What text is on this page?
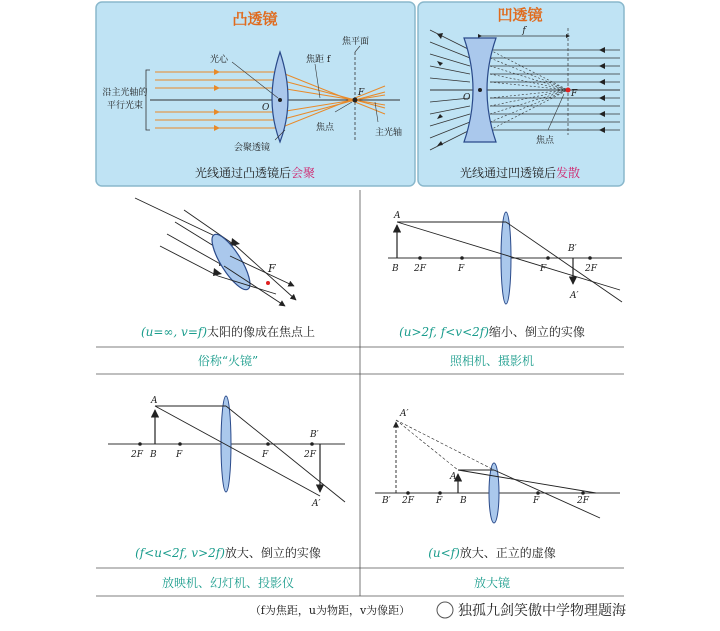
凸透镜
光心	焦距 f
焦平面
沿主光轴的
平行光束	O
F
会聚透镜
焦点	主光轴
光线通过凸透镜后会聚
凹透镜
f
O	F
焦点
光线通过凹透镜后发散
F
(u=∞, v=f)太阳的像成在焦点上
俗称“火镜”
A
B 2F	F	F	2F
B′
A′
(u>2f, f<v<2f)缩小、倒立的实像
照相机、摄影机
A
B
2F	F	F	2F
B′
A′
(f<u<2f, v>2f)放大、倒立的实像
放映机、幻灯机、投影仪
A
B
2F F	F	2F
B′
A′
(u<f)放大、正立的虚像
放大镜
（f为焦距，u为物距，v为像距）	独孤九剑笑傲中学物理题海
